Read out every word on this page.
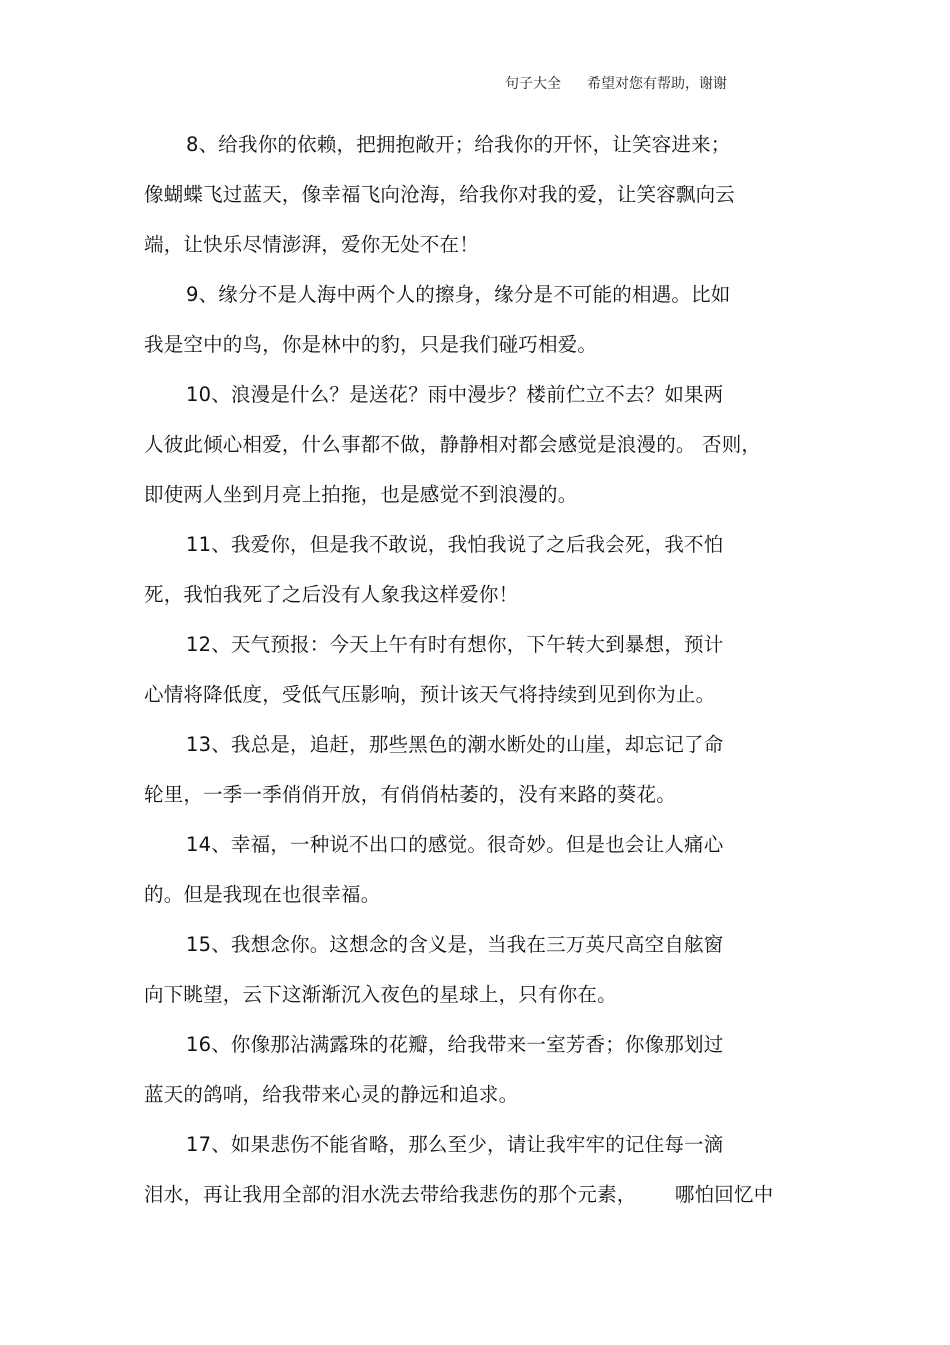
句子大全 希望对您有帮助，谢谢
8、给我你的依赖，把拥抱敞开；给我你的开怀，让笑容进来；
像蝴蝶飞过蓝天，像幸福飞向沧海，给我你对我的爱，让笑容飘向云
端，让快乐尽情澎湃，爱你无处不在！
9、缘分不是人海中两个人的擦身，缘分是不可能的相遇。比如
我是空中的鸟，你是林中的豹，只是我们碰巧相爱。
10、浪漫是什么？是送花？雨中漫步？楼前伫立不去？如果两
人彼此倾心相爱，什么事都不做，静静相对都会感觉是浪漫的。 否则，
即使两人坐到月亮上拍拖，也是感觉不到浪漫的。
11、我爱你，但是我不敢说，我怕我说了之后我会死，我不怕
死，我怕我死了之后没有人象我这样爱你！
12、天气预报：今天上午有时有想你，下午转大到暴想，预计
心情将降低度，受低气压影响，预计该天气将持续到见到你为止。
13、我总是，追赶，那些黑色的潮水断处的山崖，却忘记了命
轮里，一季一季俏俏开放，有俏俏枯萎的，没有来路的葵花。
14、幸福，一种说不出口的感觉。很奇妙。但是也会让人痛心
的。但是我现在也很幸福。
15、我想念你。这想念的含义是，当我在三万英尺高空自舷窗
向下眺望，云下这渐渐沉入夜色的星球上，只有你在。
16、你像那沾满露珠的花瓣，给我带来一室芳香；你像那划过
蓝天的鸽哨，给我带来心灵的静远和追求。
17、如果悲伤不能省略，那么至少，请让我牢牢的记住每一滴
泪水，再让我用全部的泪水洗去带给我悲伤的那个元素，      哪怕回忆中
